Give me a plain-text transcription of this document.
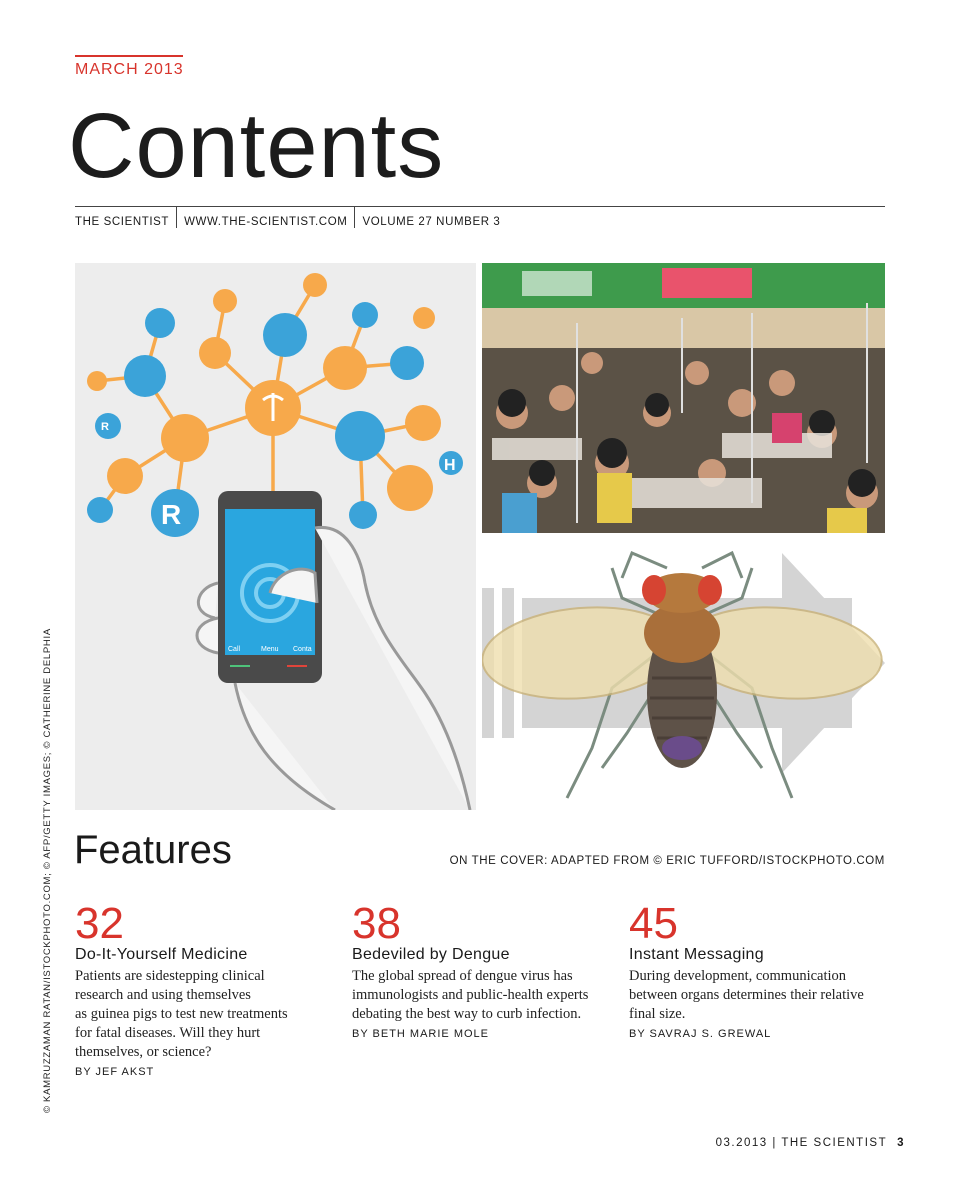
MARCH 2013
Contents
THE SCIENTIST	WWW.THE-SCIENTIST.COM	VOLUME 27 NUMBER 3
© KAMRUZZAMAN RATAN/ISTOCKPHOTO.COM; © AFP/GETTY IMAGES; © CATHERINE DELPHIA
R
H
R
Call	Menu Conta
Features	ON THE COVER: ADAPTED FROM © ERIC TUFFORD/ISTOCKPHOTO.COM
32
Do-It-Yourself Medicine
Patients are sidestepping clinical
research and using themselves
as guinea pigs to test new treatments
for fatal diseases. Will they hurt
themselves, or science?
BY JEF AKST
38
Bedeviled by Dengue
The global spread of dengue virus has
immunologists and public-health experts
debating the best way to curb infection.
BY BETH MARIE MOLE
45
Instant Messaging
During development, communication
between organs determines their relative
final size.
BY SAVRAJ S. GREWAL
03.2013 | THE SCIENTIST 3
